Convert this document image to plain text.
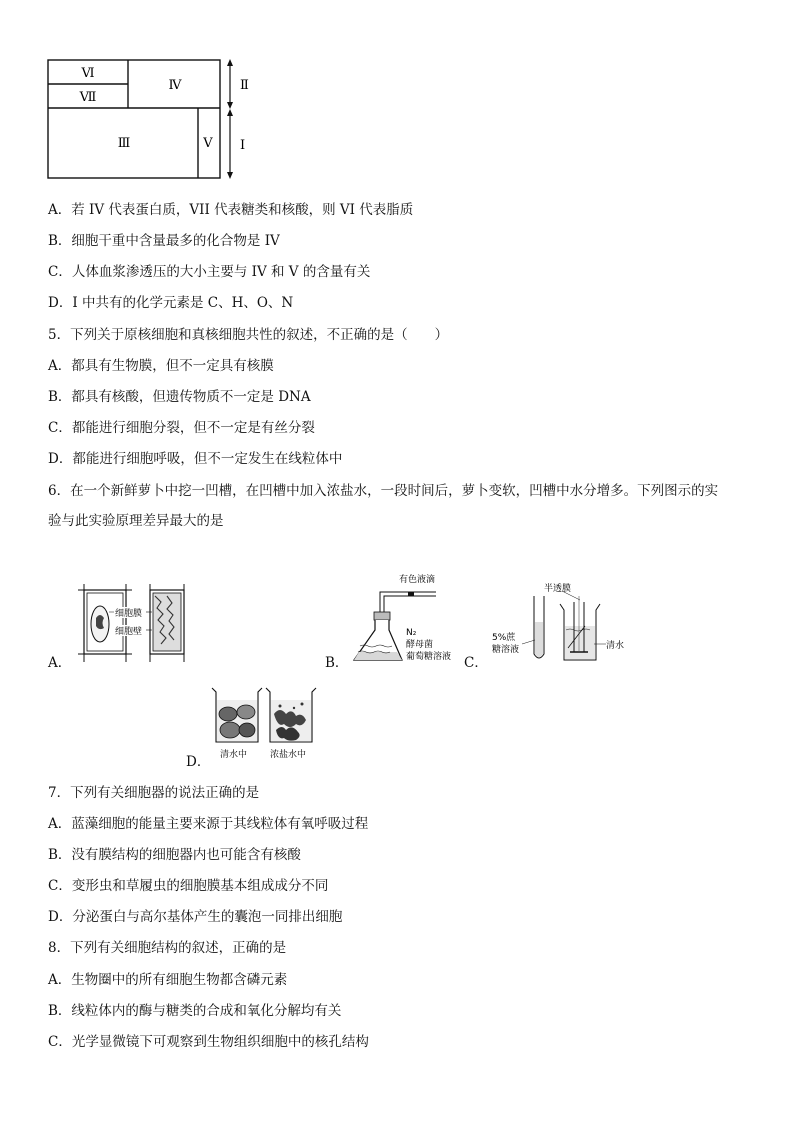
Ⅵ
Ⅶ
Ⅳ
Ⅲ	Ⅴ
Ⅱ
Ⅰ
A．若 IV 代表蛋白质，VII 代表糖类和核酸，则 VI 代表脂质
B．细胞干重中含量最多的化合物是 IV
C．人体血浆渗透压的大小主要与 IV 和 V 的含量有关
D．I 中共有的化学元素是 C、H、O、N
5．下列关于原核细胞和真核细胞共性的叙述，不正确的是（　　）
A．都具有生物膜，但不一定具有核膜
B．都具有核酸，但遗传物质不一定是 DNA
C．都能进行细胞分裂，但不一定是有丝分裂
D．都能进行细胞呼吸，但不一定发生在线粒体中
6．在一个新鲜萝卜中挖一凹槽，在凹槽中加入浓盐水，一段时间后，萝卜变软，凹槽中水分增多。下列图示的实
验与此实验原理差异最大的是
A．
细胞膜
细胞壁
B．
有色液滴
N₂
酵母菌
葡萄糖溶液 C．
半透膜
5%蔗
糖溶液	清水
D． 清水中	浓盐水中
7．下列有关细胞器的说法正确的是
A．蓝藻细胞的能量主要来源于其线粒体有氧呼吸过程
B．没有膜结构的细胞器内也可能含有核酸
C．变形虫和草履虫的细胞膜基本组成成分不同
D．分泌蛋白与高尔基体产生的囊泡一同排出细胞
8．下列有关细胞结构的叙述，正确的是
A．生物圈中的所有细胞生物都含磷元素
B．线粒体内的酶与糖类的合成和氧化分解均有关
C．光学显微镜下可观察到生物组织细胞中的核孔结构
